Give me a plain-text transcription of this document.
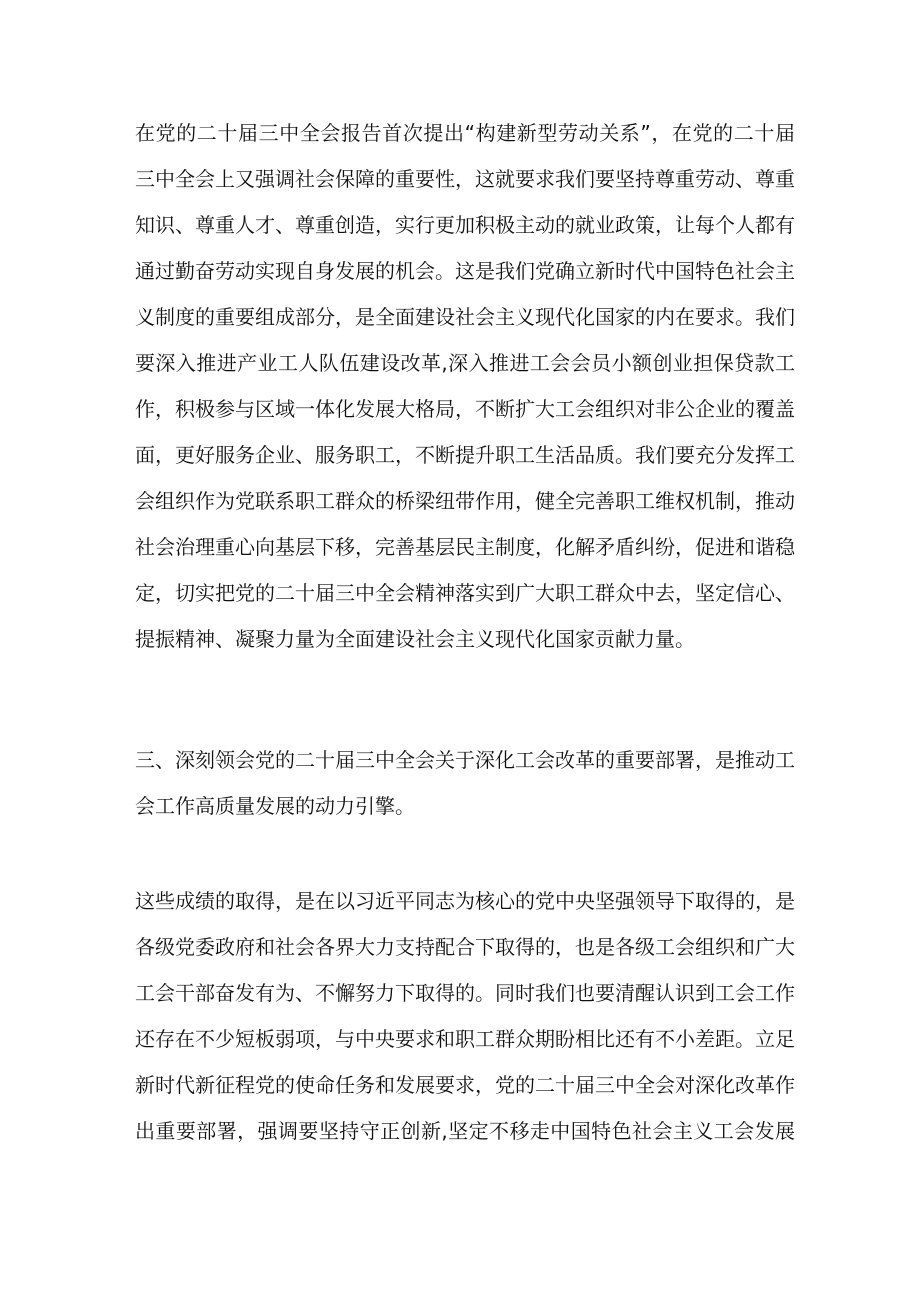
在党的二十届三中全会报告首次提出“构建新型劳动关系”，在党的二十届
三中全会上又强调社会保障的重要性，这就要求我们要坚持尊重劳动、尊重
知识、尊重人才、尊重创造，实行更加积极主动的就业政策，让每个人都有
通过勤奋劳动实现自身发展的机会。这是我们党确立新时代中国特色社会主
义制度的重要组成部分，是全面建设社会主义现代化国家的内在要求。我们
要深入推进产业工人队伍建设改革,深入推进工会会员小额创业担保贷款工
作，积极参与区域一体化发展大格局，不断扩大工会组织对非公企业的覆盖
面，更好服务企业、服务职工，不断提升职工生活品质。我们要充分发挥工
会组织作为党联系职工群众的桥梁纽带作用，健全完善职工维权机制，推动
社会治理重心向基层下移，完善基层民主制度，化解矛盾纠纷，促进和谐稳
定，切实把党的二十届三中全会精神落实到广大职工群众中去，坚定信心、
提振精神、凝聚力量为全面建设社会主义现代化国家贡献力量。
三、深刻领会党的二十届三中全会关于深化工会改革的重要部署，是推动工
会工作高质量发展的动力引擎。
这些成绩的取得，是在以习近平同志为核心的党中央坚强领导下取得的，是
各级党委政府和社会各界大力支持配合下取得的，也是各级工会组织和广大
工会干部奋发有为、不懈努力下取得的。同时我们也要清醒认识到工会工作
还存在不少短板弱项，与中央要求和职工群众期盼相比还有不小差距。立足
新时代新征程党的使命任务和发展要求，党的二十届三中全会对深化改革作
出重要部署，强调要坚持守正创新,坚定不移走中国特色社会主义工会发展
